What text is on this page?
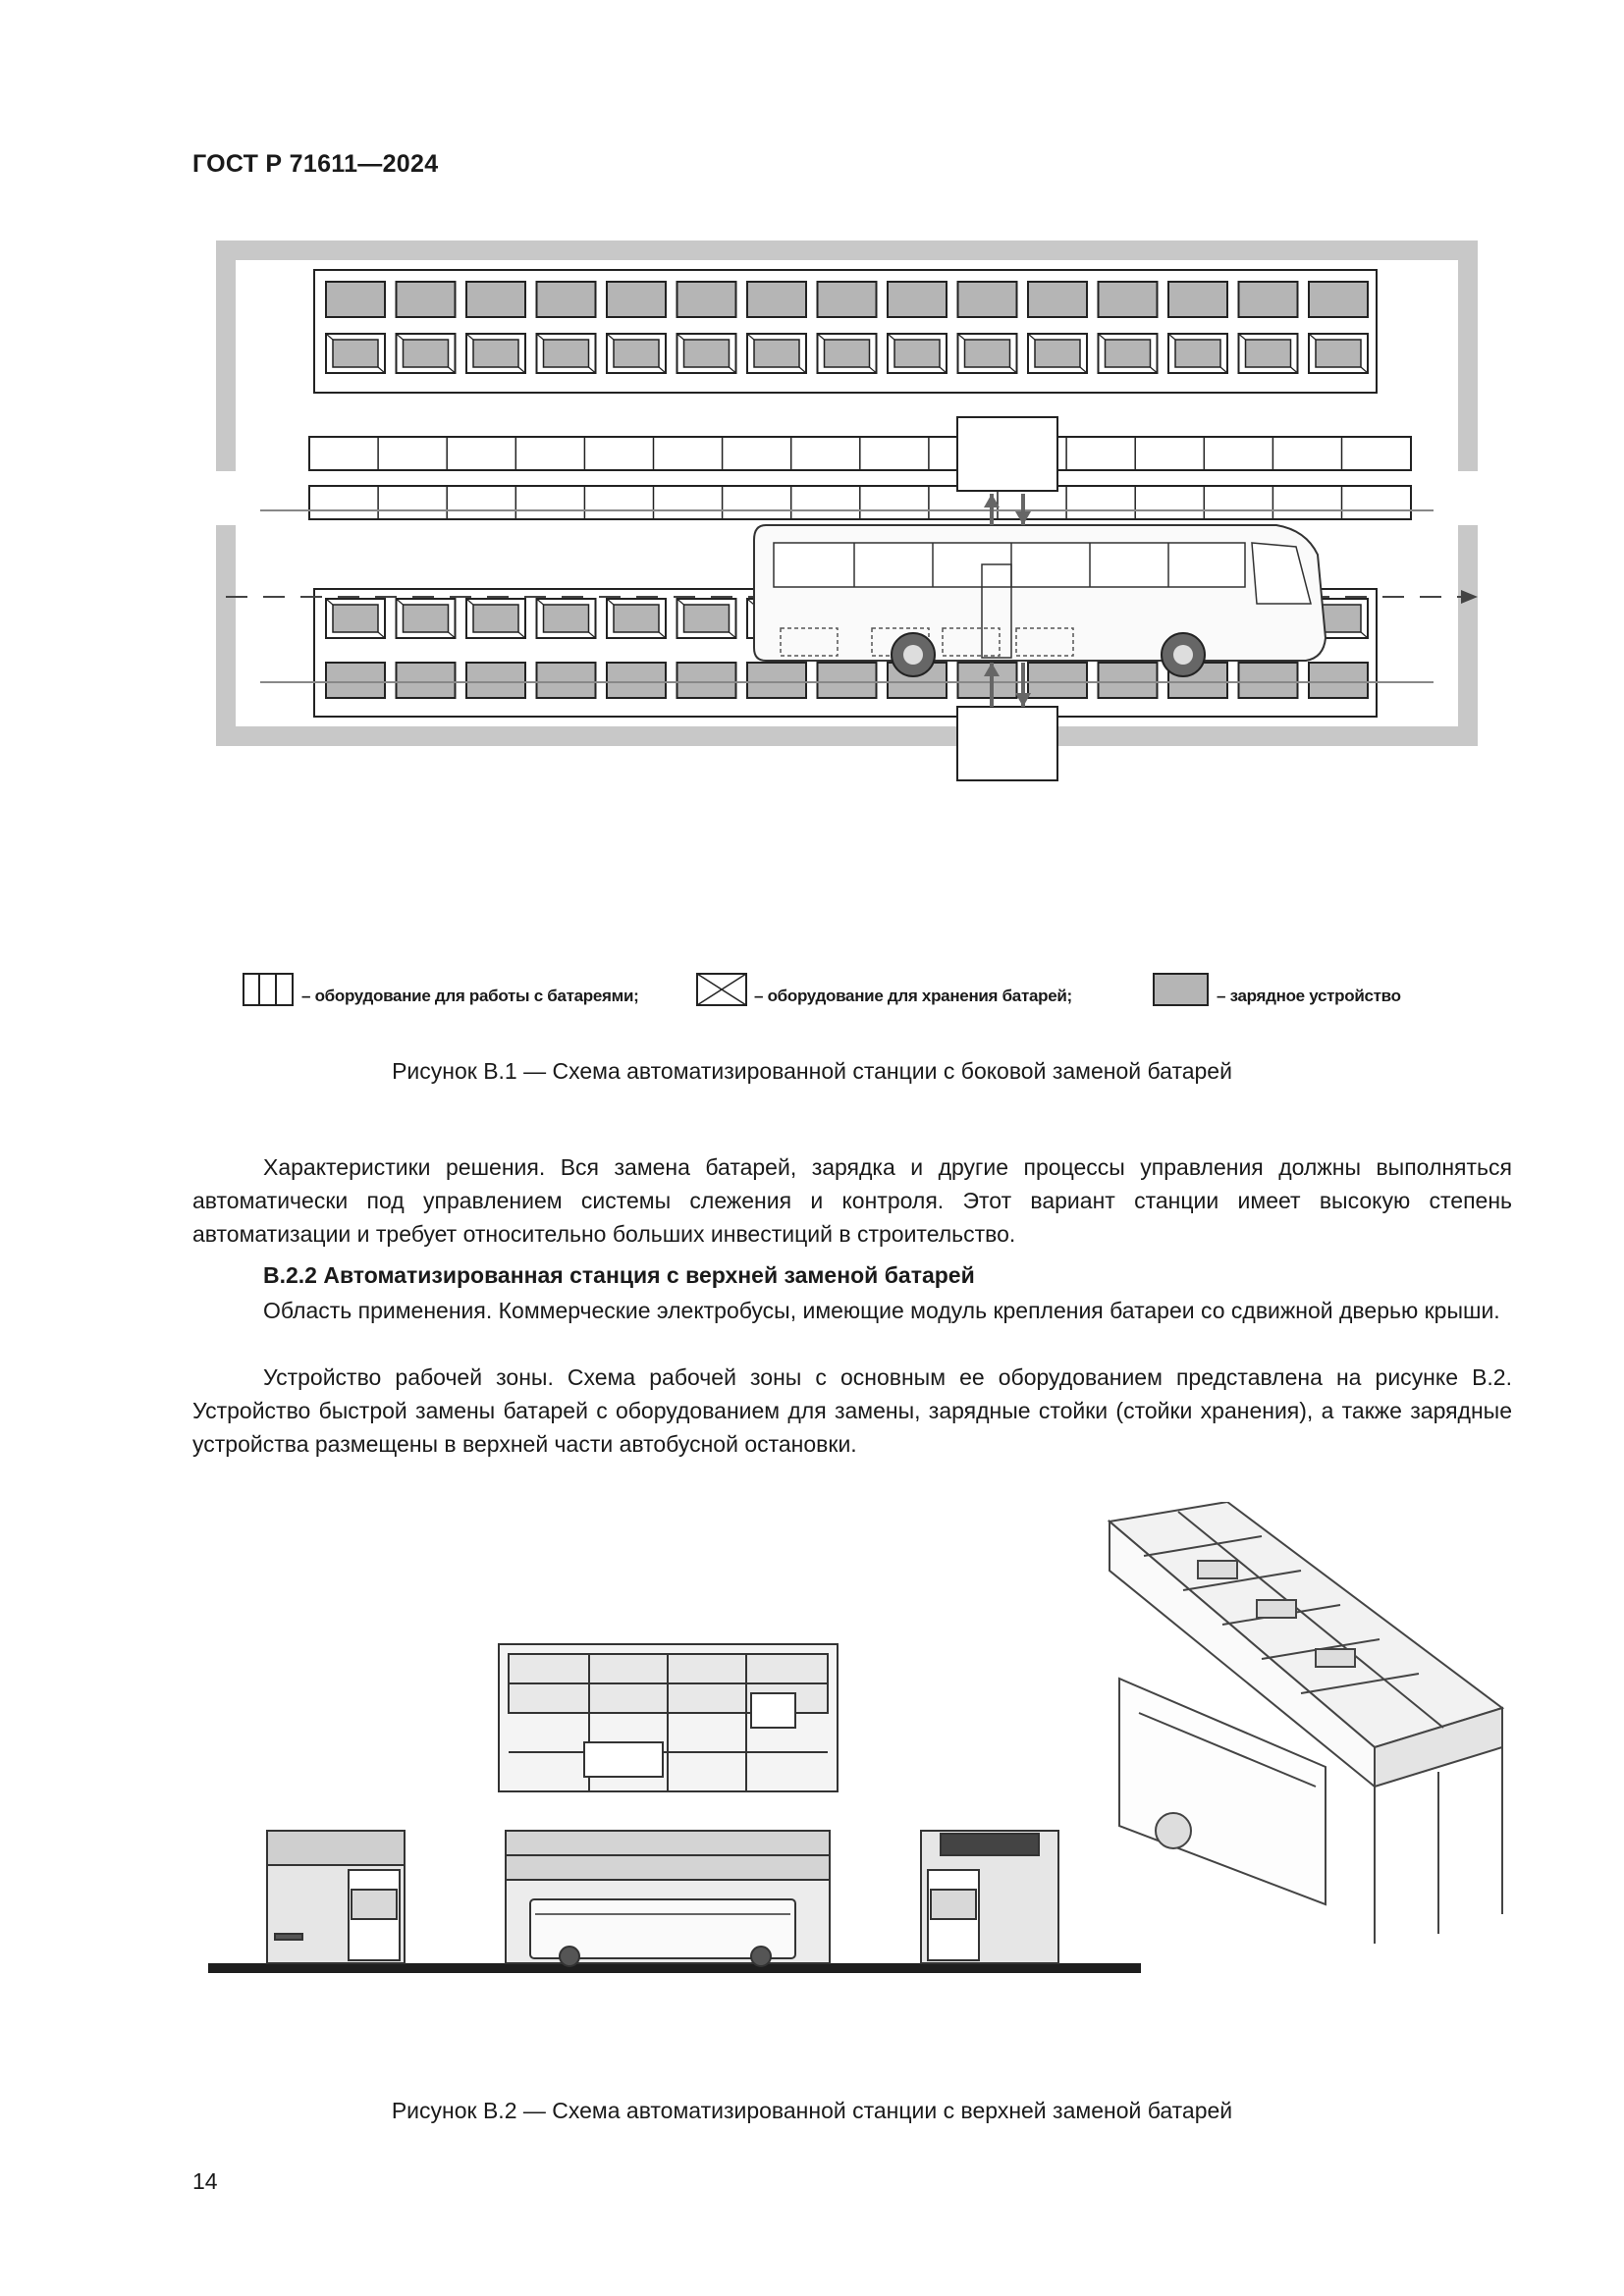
ГОСТ Р 71611—2024
– оборудование для работы с батареями;	– оборудование для хранения батарей;	– зарядное устройство
Рисунок В.1 — Схема автоматизированной станции с боковой заменой батарей
Характеристики решения. Вся замена батарей, зарядка и другие процессы управления должны выполняться автоматически под управлением системы слежения и контроля. Этот вариант станции имеет высокую степень автоматизации и требует относительно больших инвестиций в строительство.
В.2.2 Автоматизированная станция с верхней заменой батарей
Область применения. Коммерческие электробусы, имеющие модуль крепления батареи со сдвижной дверью крыши.
Устройство рабочей зоны. Схема рабочей зоны с основным ее оборудованием представлена на рисунке В.2. Устройство быстрой замены батарей с оборудованием для замены, зарядные стойки (стойки хранения), а также зарядные устройства размещены в верхней части автобусной остановки.
Рисунок В.2 — Схема автоматизированной станции с верхней заменой батарей
14
